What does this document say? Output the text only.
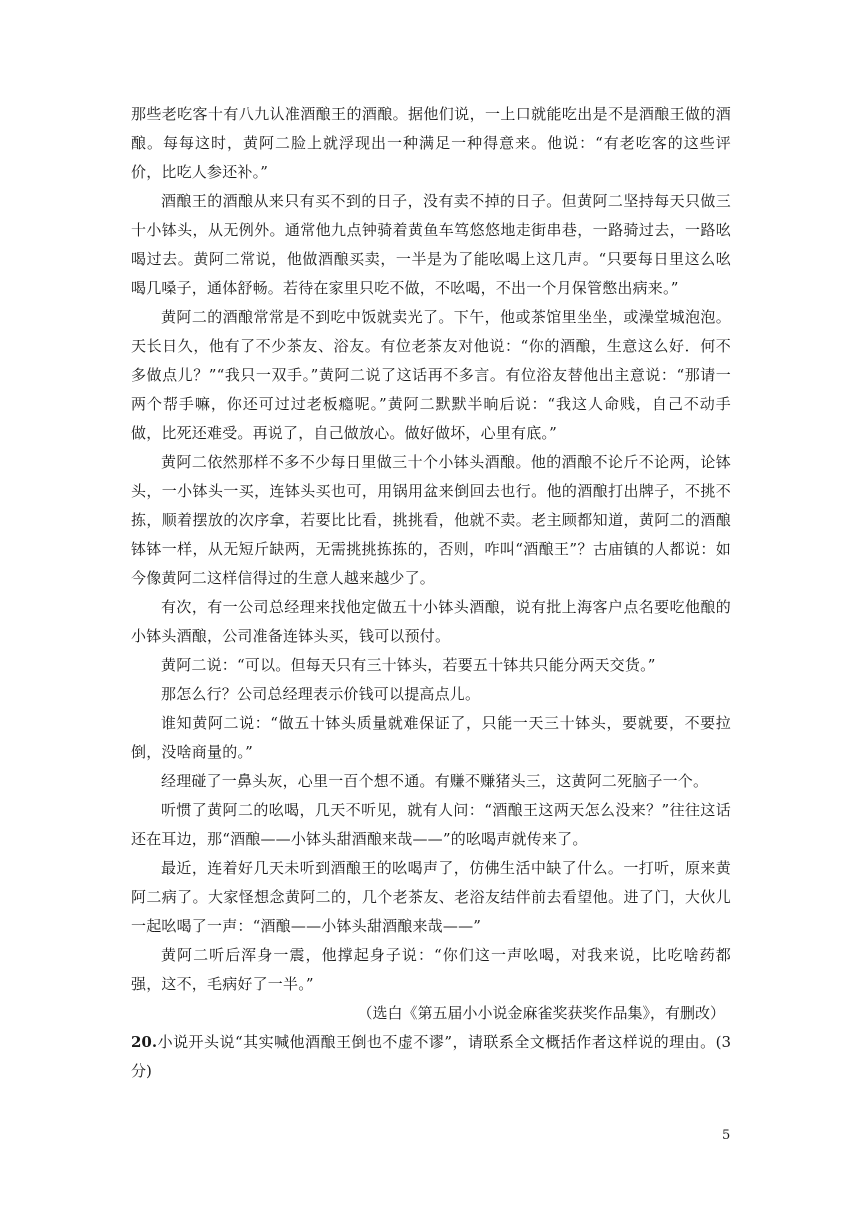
那些老吃客十有八九认准酒酿王的酒酿。据他们说，一上口就能吃出是不是酒酿王做的酒酿。每每这时，黄阿二脸上就浮现出一种满足一种得意来。他说：“有老吃客的这些评价，比吃人参还补。”

酒酿王的酒酿从来只有买不到的日子，没有卖不掉的日子。但黄阿二坚持每天只做三十小钵头，从无例外。通常他九点钟骑着黄鱼车笃悠悠地走街串巷，一路骑过去，一路吆喝过去。黄阿二常说，他做酒酿买卖，一半是为了能吆喝上这几声。“只要每日里这么吆喝几嗓子，通体舒畅。若待在家里只吃不做，不吆喝，不出一个月保管憋出病来。”

黄阿二的酒酿常常是不到吃中饭就卖光了。下午，他或茶馆里坐坐，或澡堂城泡泡。天长日久，他有了不少茶友、浴友。有位老茶友对他说：“你的酒酿，生意这么好．何不多做点儿？”“我只一双手。”黄阿二说了这话再不多言。有位浴友替他出主意说：“那请一两个帮手嘛，你还可过过老板瘾呢。”黄阿二默默半晌后说：“我这人命贱，自己不动手做，比死还难受。再说了，自己做放心。做好做坏，心里有底。”

黄阿二依然那样不多不少每日里做三十个小钵头酒酿。他的酒酿不论斤不论两，论钵头，一小钵头一买，连钵头买也可，用锅用盆来倒回去也行。他的酒酿打出牌子，不挑不拣，顺着摆放的次序拿，若要比比看，挑挑看，他就不卖。老主顾都知道，黄阿二的酒酿钵钵一样，从无短斤缺两，无需挑挑拣拣的，否则，咋叫“酒酿王”？古庙镇的人都说：如今像黄阿二这样信得过的生意人越来越少了。

有次，有一公司总经理来找他定做五十小钵头酒酿，说有批上海客户点名要吃他酿的小钵头酒酿，公司准备连钵头买，钱可以预付。

黄阿二说：“可以。但每天只有三十钵头，若要五十钵共只能分两天交货。”

那怎么行？公司总经理表示价钱可以提高点儿。

谁知黄阿二说：“做五十钵头质量就难保证了，只能一天三十钵头，要就要，不要拉倒，没啥商量的。”

经理碰了一鼻头灰，心里一百个想不通。有赚不赚猪头三，这黄阿二死脑子一个。

听惯了黄阿二的吆喝，几天不听见，就有人问：“酒酿王这两天怎么没来？”往往这话还在耳边，那“酒酿——小钵头甜酒酿来哉——”的吆喝声就传来了。

最近，连着好几天未听到酒酿王的吆喝声了，仿佛生活中缺了什么。一打听，原来黄阿二病了。大家怪想念黄阿二的，几个老茶友、老浴友结伴前去看望他。进了门，大伙儿一起吆喝了一声：“酒酿——小钵头甜酒酿来哉——”

黄阿二听后浑身一震，他撑起身子说：“你们这一声吆喝，对我来说，比吃啥药都强，这不，毛病好了一半。”

（选白《第五届小小说金麻雀奖获奖作品集》，有删改）

20.小说开头说“其实喊他酒酿王倒也不虚不谬”，请联系全文概括作者这样说的理由。(3分)

5
